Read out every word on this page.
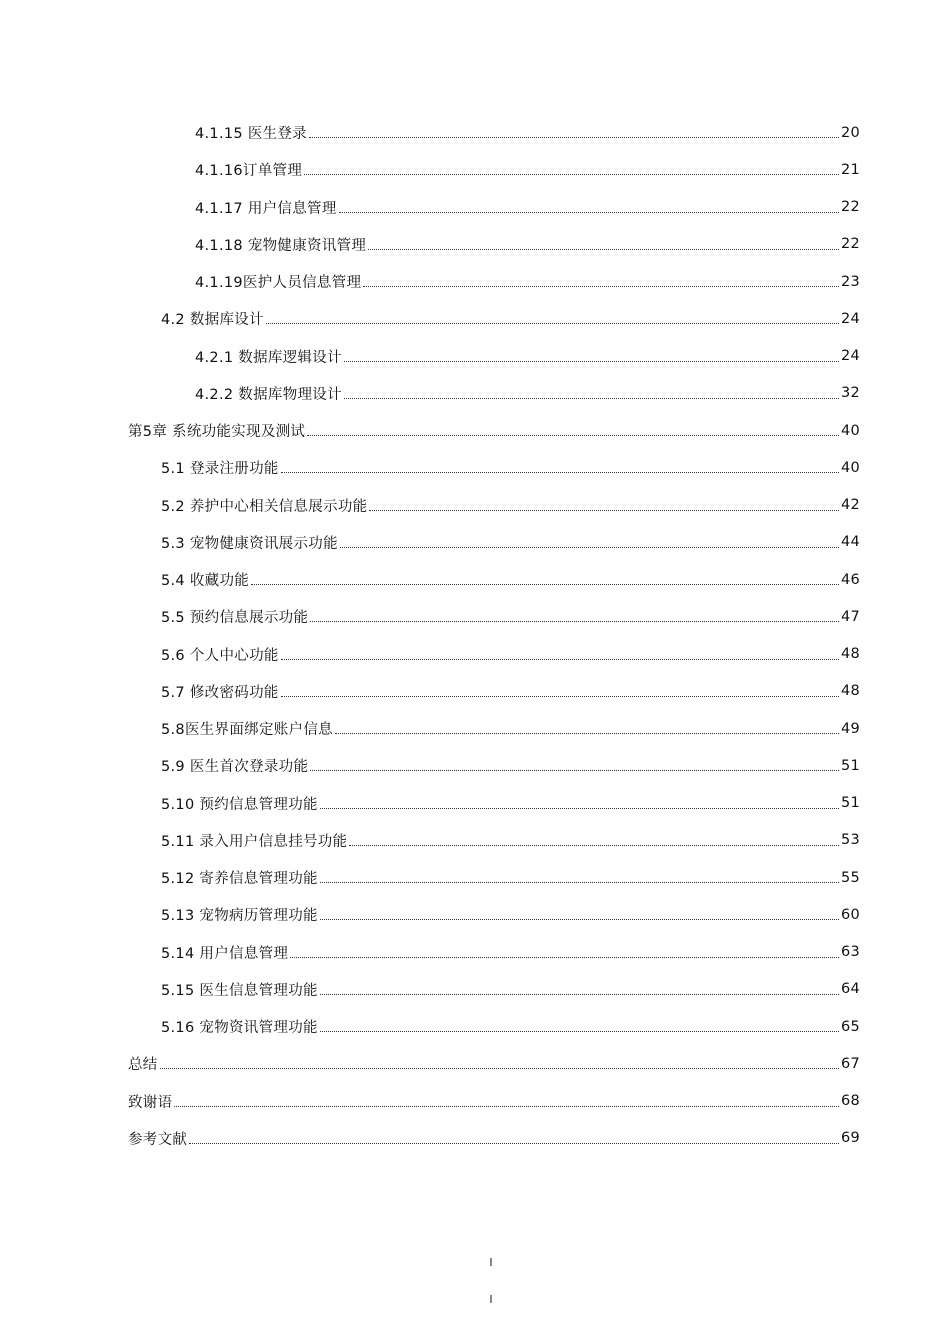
4.1.15 医生登录	20
4.1.16订单管理	21
4.1.17 用户信息管理	22
4.1.18 宠物健康资讯管理	22
4.1.19医护人员信息管理	23
4.2 数据库设计	24
4.2.1 数据库逻辑设计	24
4.2.2 数据库物理设计	32
第5章 系统功能实现及测试	40
5.1 登录注册功能	40
5.2 养护中心相关信息展示功能	42
5.3 宠物健康资讯展示功能	44
5.4 收藏功能	46
5.5 预约信息展示功能	47
5.6 个人中心功能	48
5.7 修改密码功能	48
5.8医生界面绑定账户信息	49
5.9 医生首次登录功能	51
5.10 预约信息管理功能	51
5.11 录入用户信息挂号功能	53
5.12 寄养信息管理功能	55
5.13 宠物病历管理功能	60
5.14 用户信息管理	63
5.15 医生信息管理功能	64
5.16 宠物资讯管理功能	65
总结	67
致谢语	68
参考文献	69
I
I
